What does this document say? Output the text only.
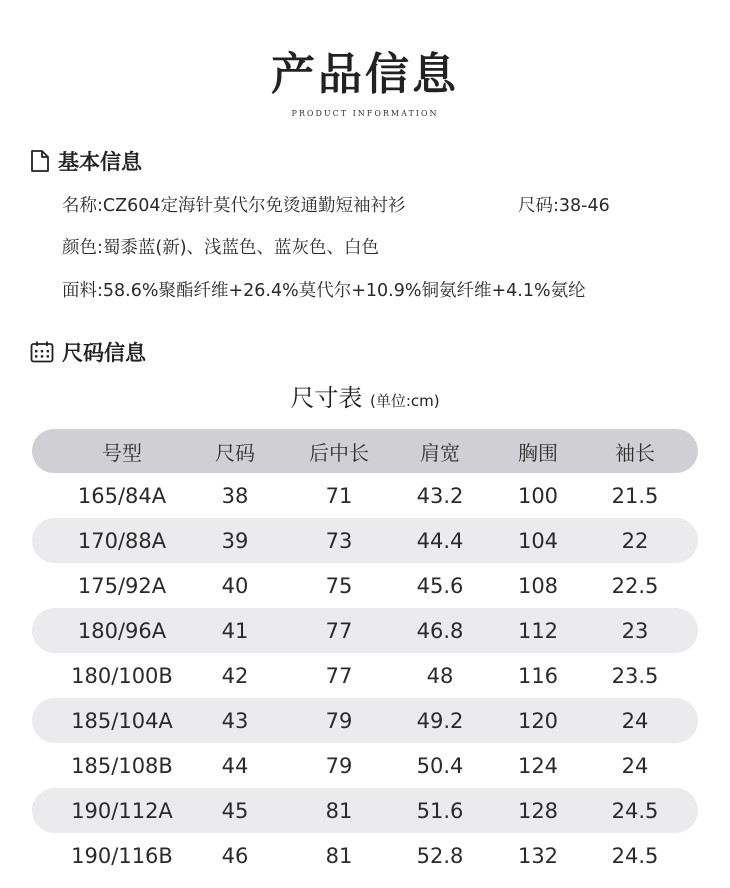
产品信息
PRODUCT INFORMATION
基本信息
名称:CZ604定海针莫代尔免烫通勤短袖衬衫	尺码:38-46
颜色:蜀黍蓝(新)、浅蓝色、蓝灰色、白色
面料:58.6%聚酯纤维+26.4%莫代尔+10.9%铜氨纤维+4.1%氨纶
尺码信息
尺寸表 (单位:cm)
号型	尺码	后中长	肩宽	胸围	袖长
165/84A	38	71	43.2	100	21.5
170/88A	39	73	44.4	104	22
175/92A	40	75	45.6	108	22.5
180/96A	41	77	46.8	112	23
180/100B 42	77	48	116	23.5
185/104A 43	79	49.2	120	24
185/108B 44	79	50.4	124	24
190/112A 45	81	51.6	128	24.5
190/116B 46	81	52.8	132	24.5
